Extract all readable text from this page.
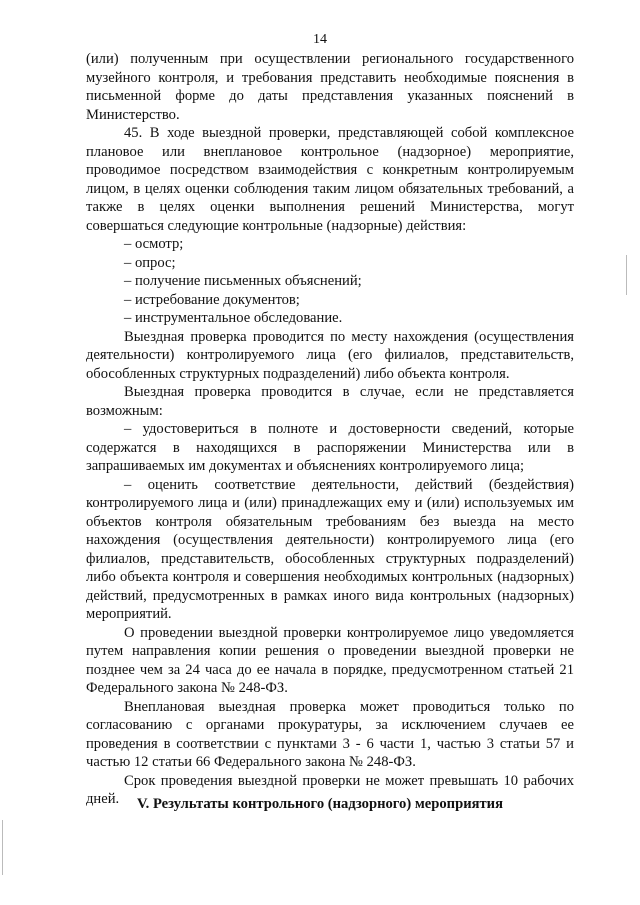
14

(или) полученным при осуществлении регионального государственного музейного контроля, и требования представить необходимые пояснения в письменной форме до даты представления указанных пояснений в Министерство.

45. В ходе выездной проверки, представляющей собой комплексное плановое или внеплановое контрольное (надзорное) мероприятие, проводимое посредством взаимодействия с конкретным контролируемым лицом, в целях оценки соблюдения таким лицом обязательных требований, а также в целях оценки выполнения решений Министерства, могут совершаться следующие контрольные (надзорные) действия:

– осмотр;

– опрос;

– получение письменных объяснений;

– истребование документов;

– инструментальное обследование.

Выездная проверка проводится по месту нахождения (осуществления деятельности) контролируемого лица (его филиалов, представительств, обособленных структурных подразделений) либо объекта контроля.

Выездная проверка проводится в случае, если не представляется возможным:

– удостовериться в полноте и достоверности сведений, которые содержатся в находящихся в распоряжении Министерства или в запрашиваемых им документах и объяснениях контролируемого лица;

– оценить соответствие деятельности, действий (бездействия) контролируемого лица и (или) принадлежащих ему и (или) используемых им объектов контроля обязательным требованиям без выезда на место нахождения (осуществления деятельности) контролируемого лица (его филиалов, представительств, обособленных структурных подразделений) либо объекта контроля и совершения необходимых контрольных (надзорных) действий, предусмотренных в рамках иного вида контрольных (надзорных) мероприятий.

О проведении выездной проверки контролируемое лицо уведомляется путем направления копии решения о проведении выездной проверки не позднее чем за 24 часа до ее начала в порядке, предусмотренном статьей 21 Федерального закона № 248-ФЗ.

Внеплановая выездная проверка может проводиться только по согласованию с органами прокуратуры, за исключением случаев ее проведения в соответствии с пунктами 3 - 6 части 1, частью 3 статьи 57 и частью 12 статьи 66 Федерального закона № 248-ФЗ.

Срок проведения выездной проверки не может превышать 10 рабочих дней.	V. Результаты контрольного (надзорного) мероприятия
